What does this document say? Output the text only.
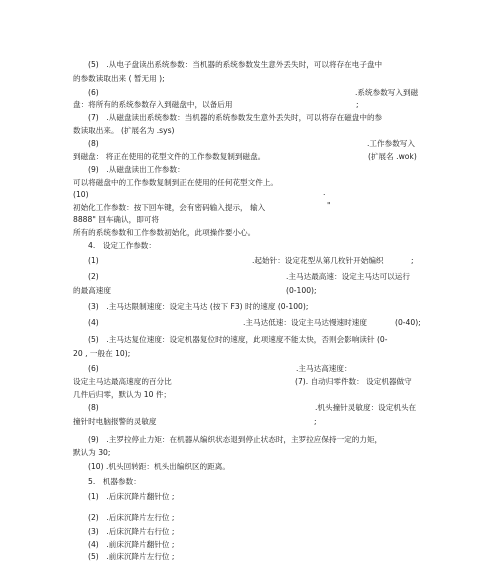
(5)　.从电子盘读出系统参数：当机器的系统参数发生意外丢失时，可以将存在电子盘中
的参数读取出来 ( 暂无用 );
(6)	.系统参数写入到磁
盘：将所有的系统参数存入到磁盘中，以备后用	;
(7)　.从磁盘读出系统参数：当机器的系统参数发生意外丢失时，可以将存在磁盘中的参
数读取出来。 (扩展名为 .sys)
(8)	.工作参数写入
到磁盘： 将正在使用的花型文件的工作参数复制到磁盘。	(扩展名 .wok)
(9)　.从磁盘读出工作参数：
可以将磁盘中的工作参数复制到正在使用的任何花型文件上。
(10)	.
初始化工作参数：按下回车键，会有密码输入提示， 输入	"
8888" 回车确认，即可将
所有的系统参数和工作参数初始化，此项操作要小心。
4.　设定工作参数：
(1)	.起始针：设定花型从第几枚针开始编织	;
(2)	.主马达最高速：设定主马达可以运行
的最高速度	(0-100);
(3)　.主马达限制速度：设定主马达 (按下 F3) 时的速度 (0-100);
(4)	.主马达低速：设定主马达慢速时速度	(0-40);
(5)　.主马达复位速度：设定机器复位时的速度，此项速度不能太快，否则会影响读针 (0-
20 , 一般在 10);
(6)	.主马达高速度：
设定主马达最高速度的百分比	(7). 自动归零件数： 设定机器做守
几件后归零，默认为 10 件；
(8)	.机头撞针灵敏度：设定机头在
撞针时电脑报警的灵敏度	;
(9)　.主罗拉停止力矩：在机器从编织状态退到停止状态时，主罗拉应保持一定的力矩，
默认为 30;
(10) .机头回转距：机头出编织区的距离。
5.　机器参数：
(1)　.后床沉降片翻针位 ;
(2)　.后床沉降片左行位 ;
(3)　.后床沉降片右行位 ;
(4)　.前床沉降片翻针位 ;
(5)　.前床沉降片左行位 ;
